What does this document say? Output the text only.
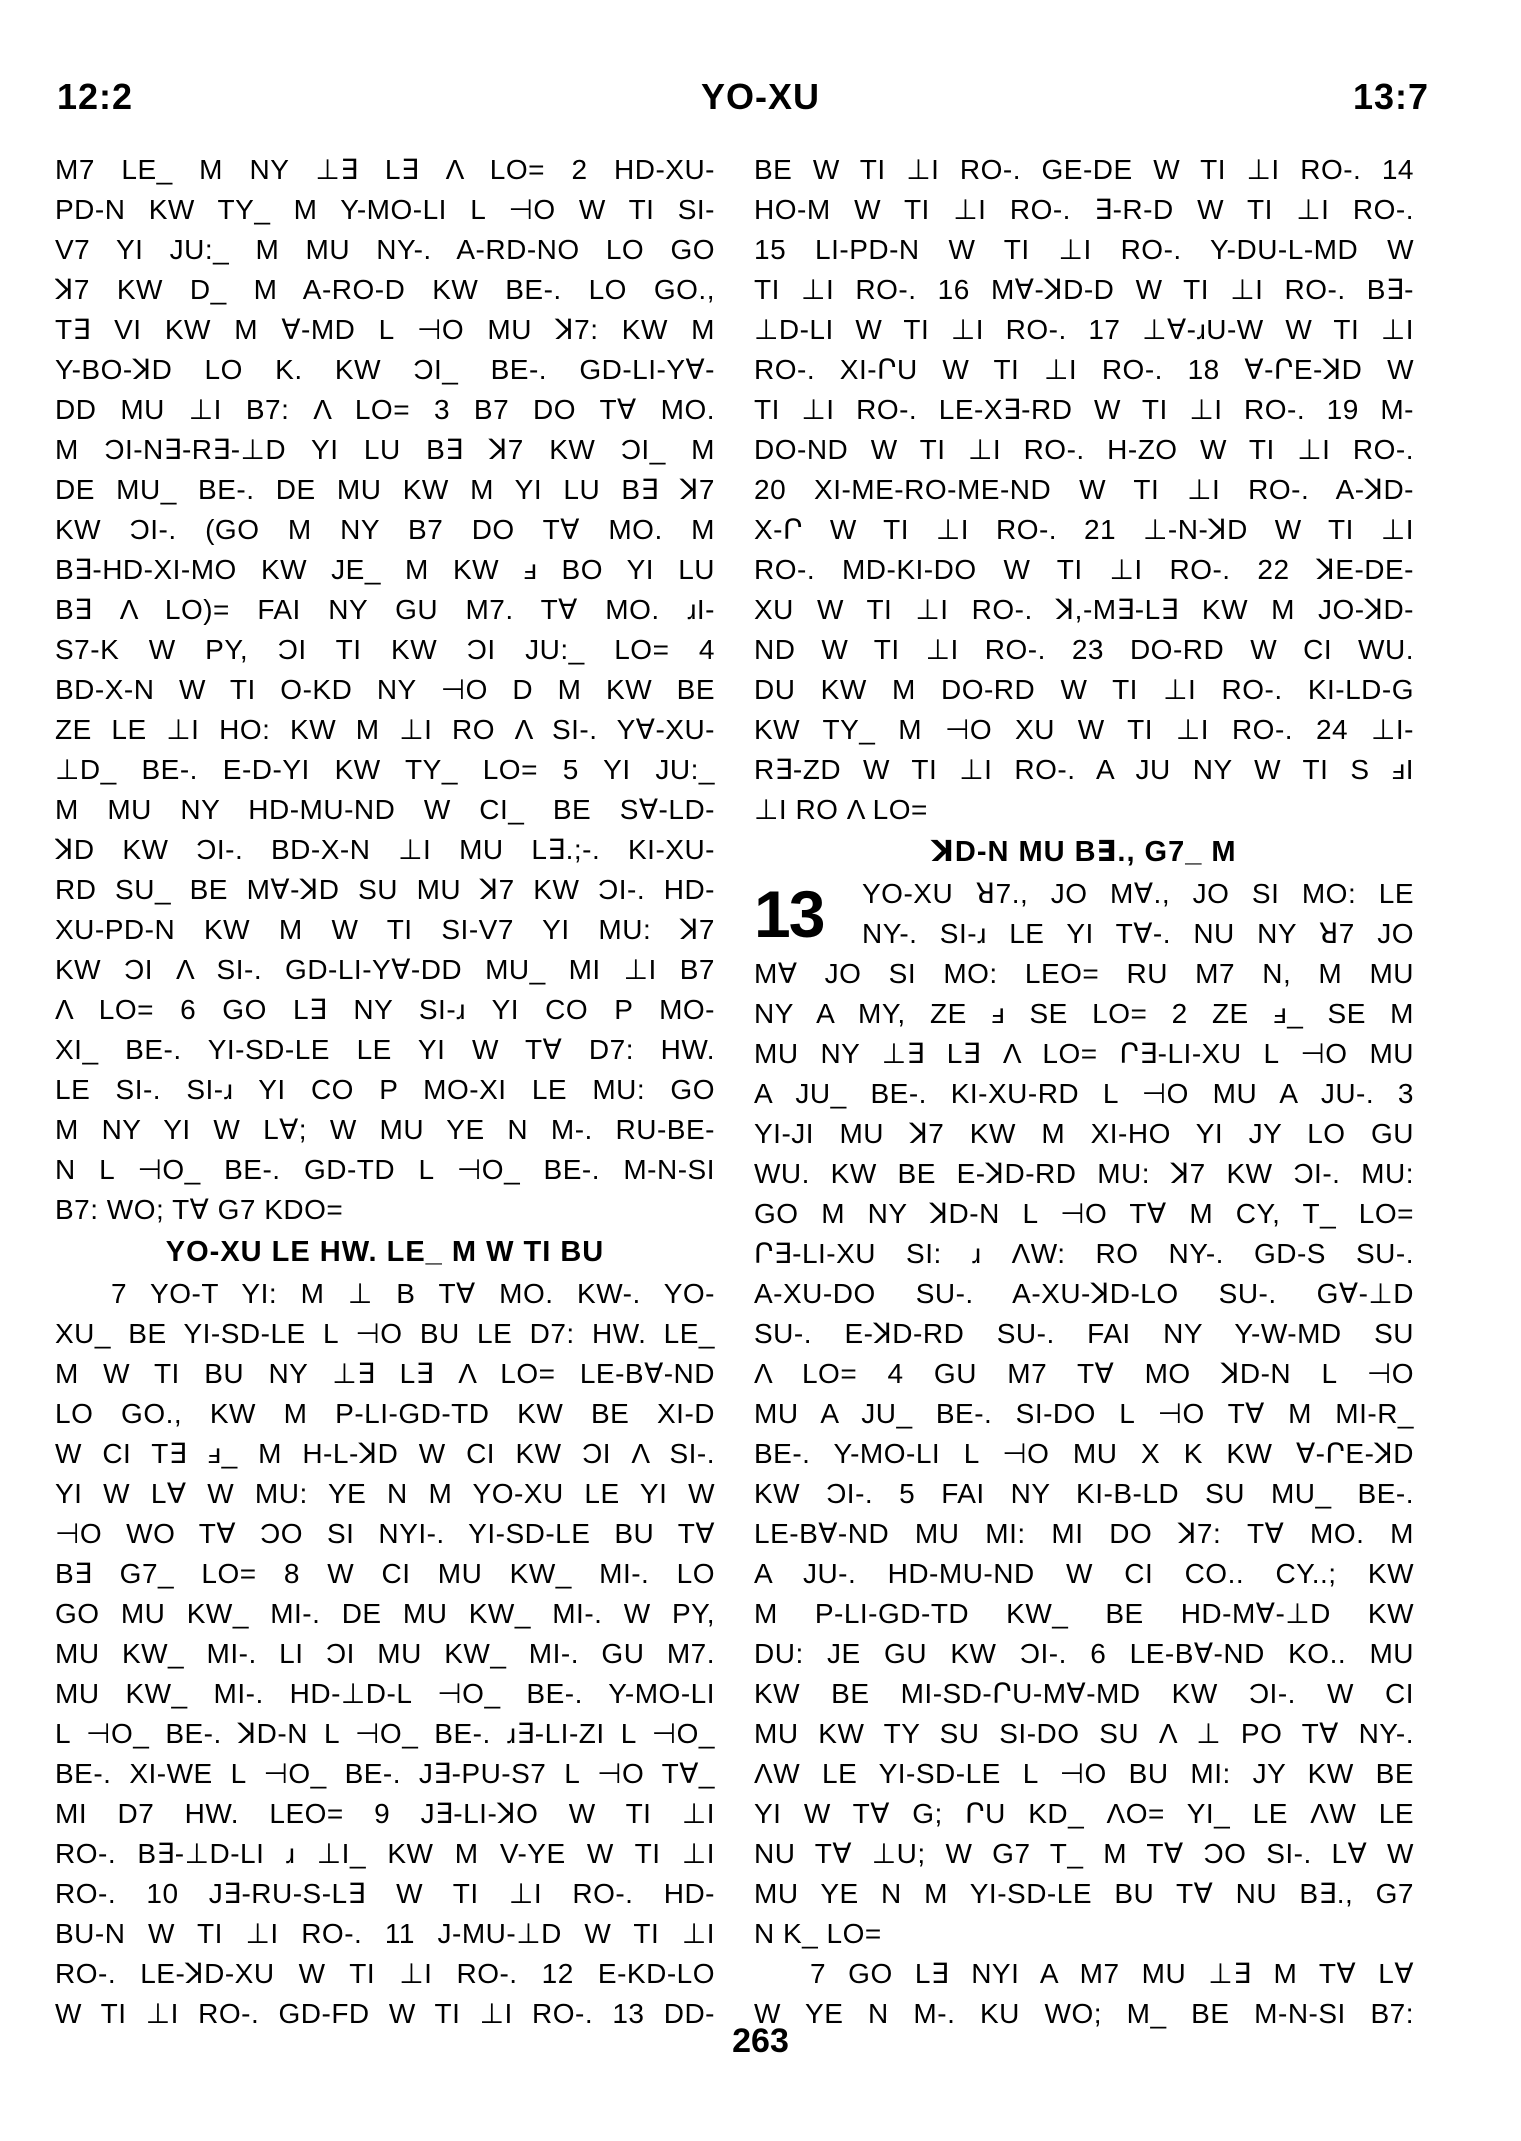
12:2	YO-XU	13:7
M7 LE_ M NY ⊥∃ L∃ Λ LO= 2 HD-XU-
PD-N KW TY_ M Y-MO-LI L ⊣O W TI SI-
V7 YI JU:_ M MU NY-. A-RD-NO LO GO
ꓘ7 KW D_ M A-RO-D KW BE-. LO GO.,
T∃ VI KW M ∀-MD L ⊣O MU ꓘ7: KW M
Y-BO-ꓘD LO K. KW ƆI_ BE-. GD-LI-Y∀-
DD MU ⊥I B7: Λ LO= 3 B7 DO T∀ MO.
M ƆI-N∃-R∃-⊥D YI LU B∃ ꓘ7 KW ƆI_ M
DE MU_ BE-. DE MU KW M YI LU B∃ ꓘ7
KW ƆI-. (GO M NY B7 DO T∀ MO. M
B∃-HD-XI-MO KW JE_ M KW ⅎ BO YI LU
B∃ Λ LO)= FAI NY GU M7. T∀ MO. ɹI-
S7-K W PY, ƆI TI KW ƆI JU:_ LO= 4
BD-X-N W TI O-KD NY ⊣O D M KW BE
ZE LE ⊥I HO: KW M ⊥I RO Λ SI-. Y∀-XU-
⊥D_ BE-. E-D-YI KW TY_ LO= 5 YI JU:_
M MU NY HD-MU-ND W CI_ BE S∀-LD-
ꓘD KW ƆI-. BD-X-N ⊥I MU L∃.;-. KI-XU-
RD SU_ BE M∀-ꓘD SU MU ꓘ7 KW ƆI-. HD-
XU-PD-N KW M W TI SI-V7 YI MU: ꓘ7
KW ƆI Λ SI-. GD-LI-Y∀-DD MU_ MI ⊥I B7
Λ LO= 6 GO L∃ NY SI-ɹ YI CO P MO-
XI_ BE-. YI-SD-LE LE YI W T∀ D7: HW.
LE SI-. SI-ɹ YI CO P MO-XI LE MU: GO
M NY YI W L∀; W MU YE N M-. RU-BE-
N L ⊣O_ BE-. GD-TD L ⊣O_ BE-. M-N-SI
B7: WO; T∀ G7 KDO=
YO-XU LE HW. LE_ M W TI BU
7 YO-T YI: M ⊥ B T∀ MO. KW-. YO-
XU_ BE YI-SD-LE L ⊣O BU LE D7: HW. LE_
M W TI BU NY ⊥∃ L∃ Λ LO= LE-B∀-ND
LO GO., KW M P-LI-GD-TD KW BE XI-D
W CI T∃ ⅎ_ M H-L-ꓘD W CI KW ƆI Λ SI-.
YI W L∀ W MU: YE N M YO-XU LE YI W
⊣O WO T∀ ƆO SI NYI-. YI-SD-LE BU T∀
B∃ G7_ LO= 8 W CI MU KW_ MI-. LO
GO MU KW_ MI-. DE MU KW_ MI-. W PY,
MU KW_ MI-. LI ƆI MU KW_ MI-. GU M7.
MU KW_ MI-. HD-⊥D-L ⊣O_ BE-. Y-MO-LI
L ⊣O_ BE-. ꓘD-N L ⊣O_ BE-. ɹ∃-LI-ZI L ⊣O_
BE-. XI-WE L ⊣O_ BE-. J∃-PU-S7 L ⊣O T∀_
MI D7 HW. LEO= 9 J∃-LI-ꓘO W TI ⊥I
RO-. B∃-⊥D-LI ɹ ⊥I_ KW M V-YE W TI ⊥I
RO-. 10 J∃-RU-S-L∃ W TI ⊥I RO-. HD-
BU-N W TI ⊥I RO-. 11 J-MU-⊥D W TI ⊥I
RO-. LE-ꓘD-XU W TI ⊥I RO-. 12 E-KD-LO
W TI ⊥I RO-. GD-FD W TI ⊥I RO-. 13 DD-
BE W TI ⊥I RO-. GE-DE W TI ⊥I RO-. 14
HO-M W TI ⊥I RO-. ∃-R-D W TI ⊥I RO-.
15 LI-PD-N W TI ⊥I RO-. Y-DU-L-MD W
TI ⊥I RO-. 16 M∀-ꓘD-D W TI ⊥I RO-. B∃-
⊥D-LI W TI ⊥I RO-. 17 ⊥∀-ɹU-W W TI ⊥I
RO-. XI-ՐU W TI ⊥I RO-. 18 ∀-ՐE-ꓘD W
TI ⊥I RO-. LE-X∃-RD W TI ⊥I RO-. 19 M-
DO-ND W TI ⊥I RO-. H-ZO W TI ⊥I RO-.
20 XI-ME-RO-ME-ND W TI ⊥I RO-. A-ꓘD-
X-Ր W TI ⊥I RO-. 21 ⊥-N-ꓘD W TI ⊥I
RO-. MD-KI-DO W TI ⊥I RO-. 22 ꓘE-DE-
XU W TI ⊥I RO-. ꓘ,-M∃-L∃ KW M JO-ꓘD-
ND W TI ⊥I RO-. 23 DO-RD W CI WU.
DU KW M DO-RD W TI ⊥I RO-. KI-LD-G
KW TY_ M ⊣O XU W TI ⊥I RO-. 24 ⊥I-
R∃-ZD W TI ⊥I RO-. A JU NY W TI S ⅎI
⊥I RO Λ LO=
ꓘD-N MU B∃., G7_ M
13	YO-XU ꓤ7., JO M∀., JO SI MO: LE
NY-. SI-ɹ LE YI T∀-. NU NY ꓤ7 JO
M∀ JO SI MO: LEO= RU M7 N, M MU
NY A MY, ZE ⅎ SE LO= 2 ZE ⅎ_ SE M
MU NY ⊥∃ L∃ Λ LO= Ր∃-LI-XU L ⊣O MU
A JU_ BE-. KI-XU-RD L ⊣O MU A JU-. 3
YI-JI MU ꓘ7 KW M XI-HO YI JY LO GU
WU. KW BE E-ꓘD-RD MU: ꓘ7 KW ƆI-. MU:
GO M NY ꓘD-N L ⊣O T∀ M CY, T_ LO=
Ր∃-LI-XU SI: ɹ ΛW: RO NY-. GD-S SU-.
A-XU-DO SU-. A-XU-ꓘD-LO SU-. G∀-⊥D
SU-. E-ꓘD-RD SU-. FAI NY Y-W-MD SU
Λ LO= 4 GU M7 T∀ MO ꓘD-N L ⊣O
MU A JU_ BE-. SI-DO L ⊣O T∀ M MI-R_
BE-. Y-MO-LI L ⊣O MU X K KW ∀-ՐE-ꓘD
KW ƆI-. 5 FAI NY KI-B-LD SU MU_ BE-.
LE-B∀-ND MU MI: MI DO ꓘ7: T∀ MO. M
A JU-. HD-MU-ND W CI CO.. CY..; KW
M P-LI-GD-TD KW_ BE HD-M∀-⊥D KW
DU: JE GU KW ƆI-. 6 LE-B∀-ND KO.. MU
KW BE MI-SD-ՐU-M∀-MD KW ƆI-. W CI
MU KW TY SU SI-DO SU Λ ⊥ PO T∀ NY-.
ΛW LE YI-SD-LE L ⊣O BU MI: JY KW BE
YI W T∀ G; ՐU KD_ ΛO= YI_ LE ΛW LE
NU T∀ ⊥U; W G7 T_ M T∀ ƆO SI-. L∀ W
MU YE N M YI-SD-LE BU T∀ NU B∃., G7
N K_ LO=
7 GO L∃ NYI A M7 MU ⊥∃ M T∀ L∀
W YE N M-. KU WO; M_ BE M-N-SI B7:
263
